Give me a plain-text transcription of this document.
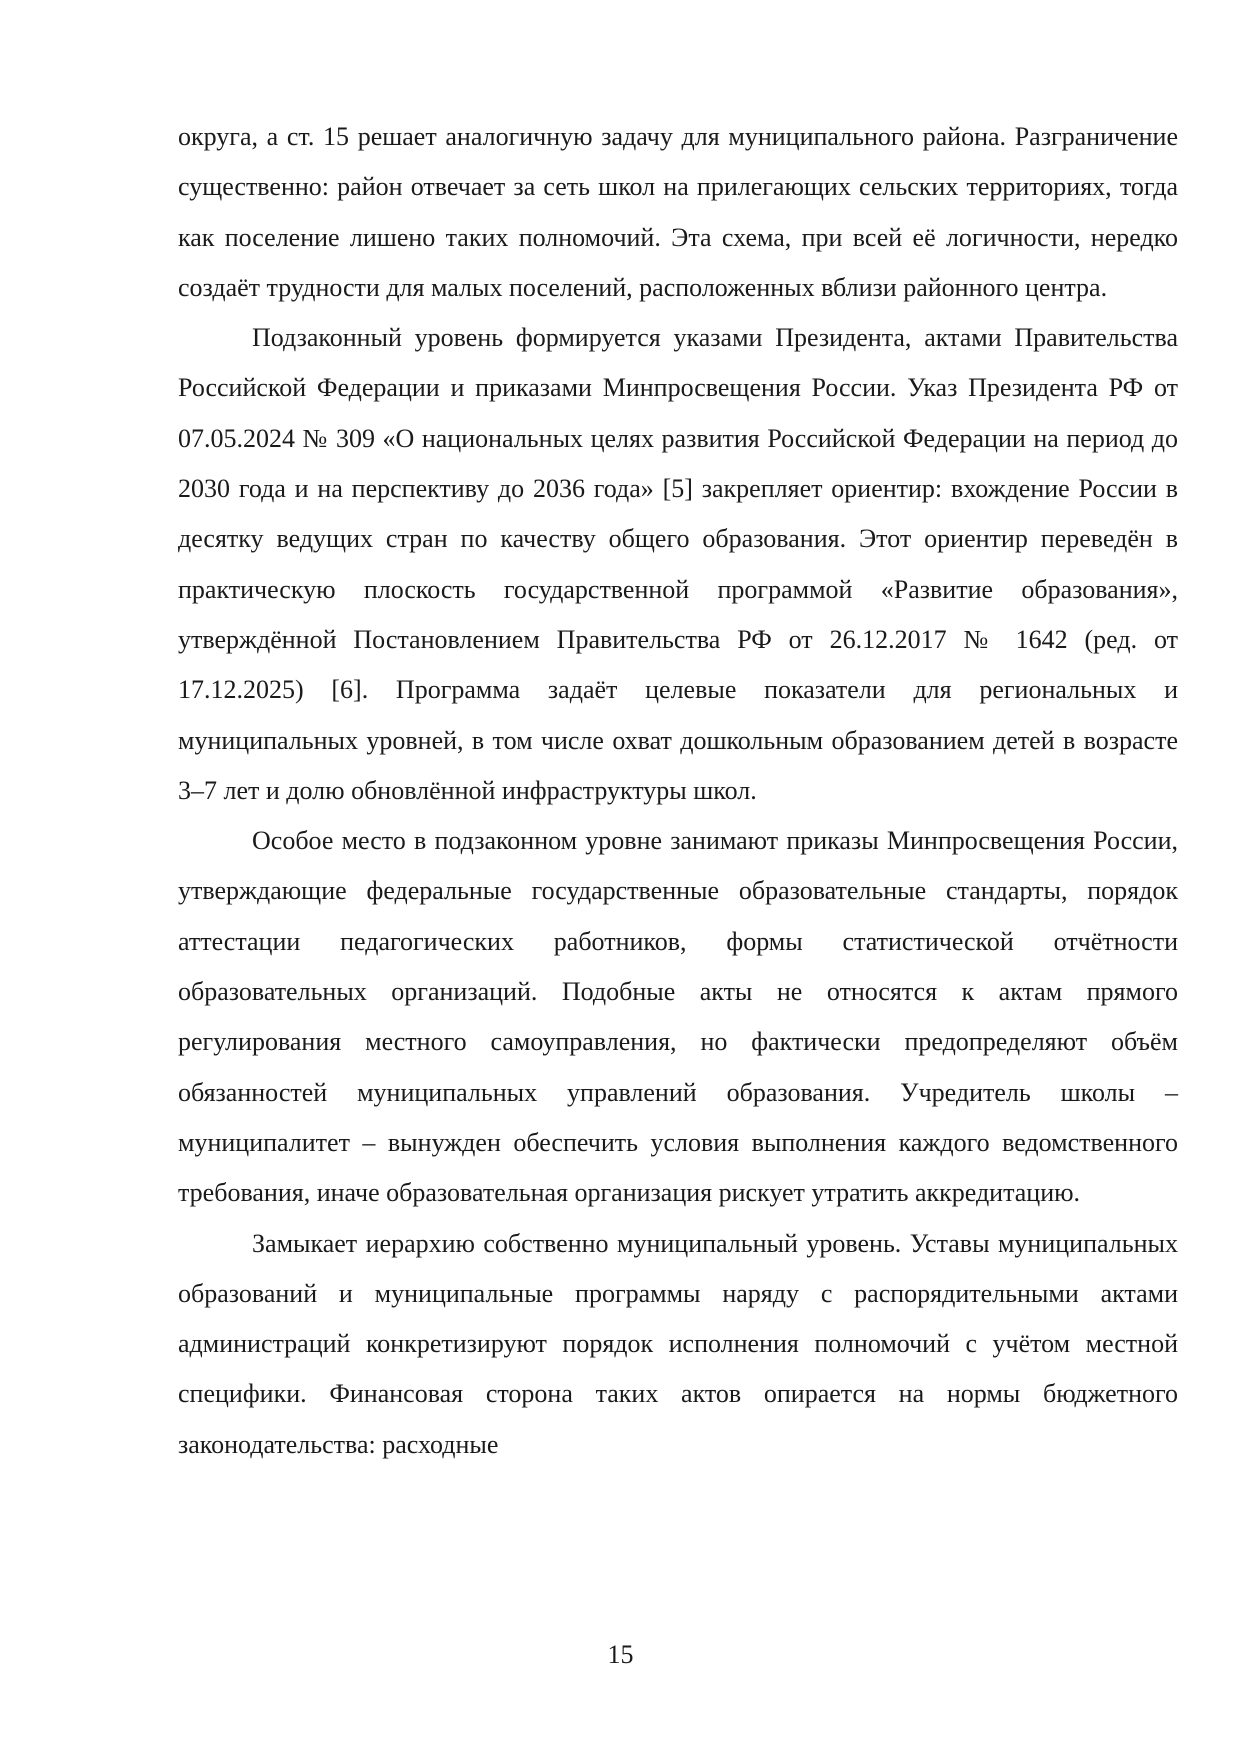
округа, а ст. 15 решает аналогичную задачу для муниципального района. Разграничение существенно: район отвечает за сеть школ на прилегающих сельских территориях, тогда как поселение лишено таких полномочий. Эта схема, при всей её логичности, нередко создаёт трудности для малых поселений, расположенных вблизи районного центра.

Подзаконный уровень формируется указами Президента, актами Правительства Российской Федерации и приказами Минпросвещения России. Указ Президента РФ от 07.05.2024 № 309 «О национальных целях развития Российской Федерации на период до 2030 года и на перспективу до 2036 года» [5] закрепляет ориентир: вхождение России в десятку ведущих стран по качеству общего образования. Этот ориентир переведён в практическую плоскость государственной программой «Развитие образования», утверждённой Постановлением Правительства РФ от 26.12.2017 № 1642 (ред. от 17.12.2025) [6]. Программа задаёт целевые показатели для региональных и муниципальных уровней, в том числе охват дошкольным образованием детей в возрасте 3–7 лет и долю обновлённой инфраструктуры школ.

Особое место в подзаконном уровне занимают приказы Минпросвещения России, утверждающие федеральные государственные образовательные стандарты, порядок аттестации педагогических работников, формы статистической отчётности образовательных организаций. Подобные акты не относятся к актам прямого регулирования местного самоуправления, но фактически предопределяют объём обязанностей муниципальных управлений образования. Учредитель школы – муниципалитет – вынужден обеспечить условия выполнения каждого ведомственного требования, иначе образовательная организация рискует утратить аккредитацию.

Замыкает иерархию собственно муниципальный уровень. Уставы муниципальных образований и муниципальные программы наряду с распорядительными актами администраций конкретизируют порядок исполнения полномочий с учётом местной специфики. Финансовая сторона таких актов опирается на нормы бюджетного законодательства: расходные

15
